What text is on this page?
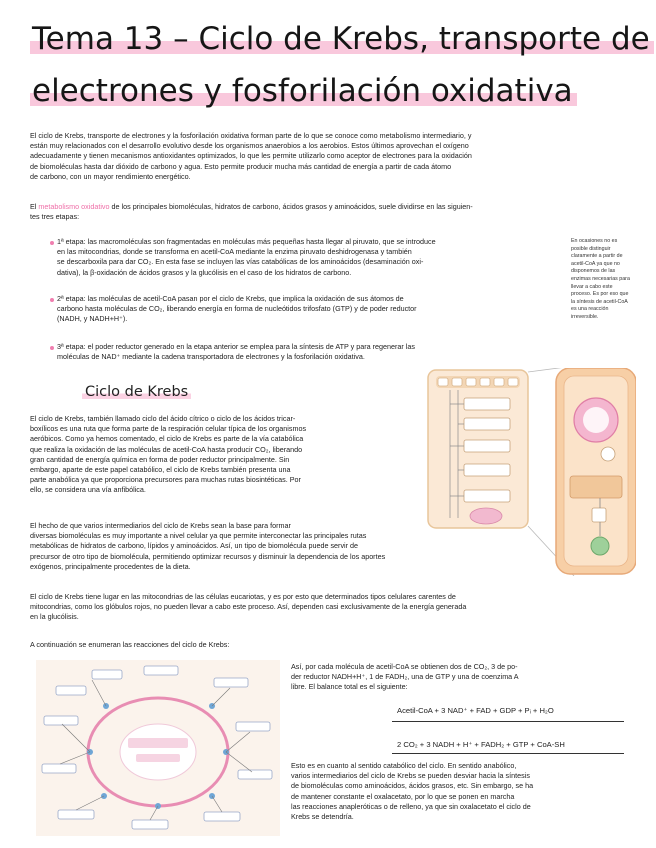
Tema 13 – Ciclo de Krebs, transporte de
electrones y fosforilación oxidativa
El ciclo de Krebs, transporte de electrones y la fosforilación oxidativa forman parte de lo que se conoce como metabolismo intermediario, y
están muy relacionados con el desarrollo evolutivo desde los organismos anaerobios a los aerobios. Estos últimos aprovechan el oxígeno
adecuadamente y tienen mecanismos antioxidantes optimizados, lo que les permite utilizarlo como aceptor de electrones para la oxidación
de biomoléculas hasta dar dióxido de carbono y agua. Esto permite producir mucha más cantidad de energía a partir de cada átomo
de carbono, con un mayor rendimiento energético.
El metabolismo oxidativo de los principales biomoléculas, hidratos de carbono, ácidos grasos y aminoácidos, suele dividirse en las siguien-
tes tres etapas:
1ª etapa: las macromoléculas son fragmentadas en moléculas más pequeñas hasta llegar al piruvato, que se introduce
en las mitocondrias, donde se transforma en acetil-CoA mediante la enzima piruvato deshidrogenasa y también
se descarboxila para dar CO₂. En esta fase se incluyen las vías catabólicas de los aminoácidos (desaminación oxi-
dativa), la β-oxidación de ácidos grasos y la glucólisis en el caso de los hidratos de carbono.
2ª etapa: las moléculas de acetil-CoA pasan por el ciclo de Krebs, que implica la oxidación de sus átomos de
carbono hasta moléculas de CO₂, liberando energía en forma de nucleótidos trifosfato (GTP) y de poder reductor
(NADH, y NADH+H⁺).
3ª etapa: el poder reductor generado en la etapa anterior se emplea para la síntesis de ATP y para regenerar las
moléculas de NAD⁺ mediante la cadena transportadora de electrones y la fosforilación oxidativa.
En ocasiones no es posible distinguir claramente a partir de acetil-CoA ya que no disponemos de las enzimas necesarias para llevar a cabo este proceso. Es por eso que la síntesis de acetil-CoA es una reacción irreversible.
Ciclo de Krebs
El ciclo de Krebs, también llamado ciclo del ácido cítrico o ciclo de los ácidos tricar-
boxílicos es una ruta que forma parte de la respiración celular típica de los organismos
aeróbicos. Como ya hemos comentado, el ciclo de Krebs es parte de la vía catabólica
que realiza la oxidación de las moléculas de acetil-CoA hasta producir CO₂, liberando
gran cantidad de energía química en forma de poder reductor principalmente. Sin
embargo, aparte de este papel catabólico, el ciclo de Krebs también presenta una
parte anabólica ya que proporciona precursores para muchas rutas biosintéticas. Por
ello, se considera una vía anfibólica.
El hecho de que varios intermediarios del ciclo de Krebs sean la base para formar
diversas biomoléculas es muy importante a nivel celular ya que permite interconectar las principales rutas
metabólicas de hidratos de carbono, lípidos y aminoácidos. Así, un tipo de biomolécula puede servir de
precursor de otro tipo de biomolécula, permitiendo optimizar recursos y disminuir la dependencia de los aportes
exógenos, principalmente procedentes de la dieta.
El ciclo de Krebs tiene lugar en las mitocondrias de las células eucariotas, y es por esto que determinados tipos celulares carentes de
mitocondrias, como los glóbulos rojos, no pueden llevar a cabo este proceso. Así, dependen casi exclusivamente de la energía generada
en la glucólisis.
A continuación se enumeran las reacciones del ciclo de Krebs:
Así, por cada molécula de acetil-CoA se obtienen dos de CO₂, 3 de po-
der reductor NADH+H⁺, 1 de FADH₂, una de GTP y una de coenzima A
libre. El balance total es el siguiente:
Acetil-CoA + 3 NAD⁺ + FAD + GDP + Pᵢ + H₂O
2 CO₂ + 3 NADH + H⁺ + FADH₂ + GTP + CoA-SH
Esto es en cuanto al sentido catabólico del ciclo. En sentido anabólico,
varios intermediarios del ciclo de Krebs se pueden desviar hacia la síntesis
de biomoléculas como aminoácidos, ácidos grasos, etc. Sin embargo, se ha
de mantener constante el oxalacetato, por lo que se ponen en marcha
las reacciones anapleróticas o de relleno, ya que sin oxalacetato el ciclo de
Krebs se detendría.
